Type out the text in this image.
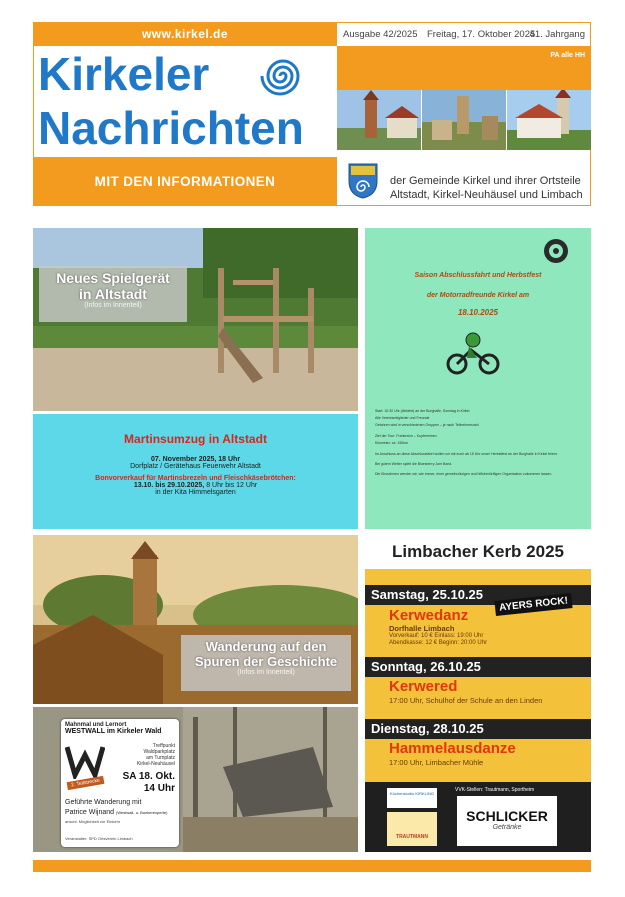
www.kirkel.de
Kirkeler
Nachrichten
Ausgabe 42/2025 Freitag, 17. Oktober 2025
41. Jahrgang
PA alle HH
MIT DEN INFORMATIONEN	der Gemeinde Kirkel und ihrer Ortsteile
Altstadt, Kirkel-Neuhäusel und Limbach
Neues Spielgerät
in Altstadt
(Infos im Innenteil)
Martinsumzug in Altstadt
07. November 2025, 18 Uhr
Dorfplatz / Gerätehaus Feuerwehr Altstadt
Bonvorverkauf für Martinsbrezeln und Fleischkäsebrötchen:
13.10. bis 29.10.2025, 8 Uhr bis 12 Uhr
in der Kita Himmelsgarten
Saison Abschlussfahrt und Herbstfest
der Motorradfreunde Kirkel am
18.10.2025
Start: 10:30 Uhr (Abfahrt) an der Burghalle, Sonntag in Kirkel
Alle Vereinsmitglieder und Freunde
Gefahren wird in verschiedenen Gruppen – je nach Teilnehmerzahl
Ziel der Tour: Frankreich – Kupferminen
Kilometer: ca. 150km
Im Anschluss an diese Abschlussfahrt wollen wir mit euch ab 15 Uhr unser Herbstfest an der Burghalle in Kirkel feiern.
Bei gutem Wetter spielt die Bluesberry Jam Band.
Die Einnahmen werden wir, wie immer, einer gemeinnützigen und hilfsbedürftigen Organisation zukommen lassen.
Wanderung auf den
Spuren der Geschichte
(Infos im Innenteil)
Mahnmal und Lernort
WESTWALL im Kirkeler Wald
2. Teilstrecke
Treffpunkt
Waldparkplatz
am Turnplatz
Kirkel-Neuhäusel
SA 18. Okt.
14 Uhr
Geführte Wanderung mit
Patrice Wijnand (Westwall- u. Bunkerexperte)
anschl. Möglichkeit zur Einkehr
Veranstalter: SPD Ortsverein Limbach
Limbacher Kerb 2025
Samstag, 25.10.25
Kerwedanz
Dorfhalle Limbach
Vorverkauf: 10 € Einlass: 19:00 Uhr
Abendkasse: 12 € Beginn: 20:00 Uhr
AYERS ROCK!
Sonntag, 26.10.25
Kerwered
17:00 Uhr, Schulhof der Schule an den Linden
Dienstag, 28.10.25
Hammelausdanze
17:00 Uhr, Limbacher Mühle
VVK-Stellen: Trautmann, Sportheim
Küchenstudio KIRKLING
TRAUTMANN
SCHLICKER
Getränke
